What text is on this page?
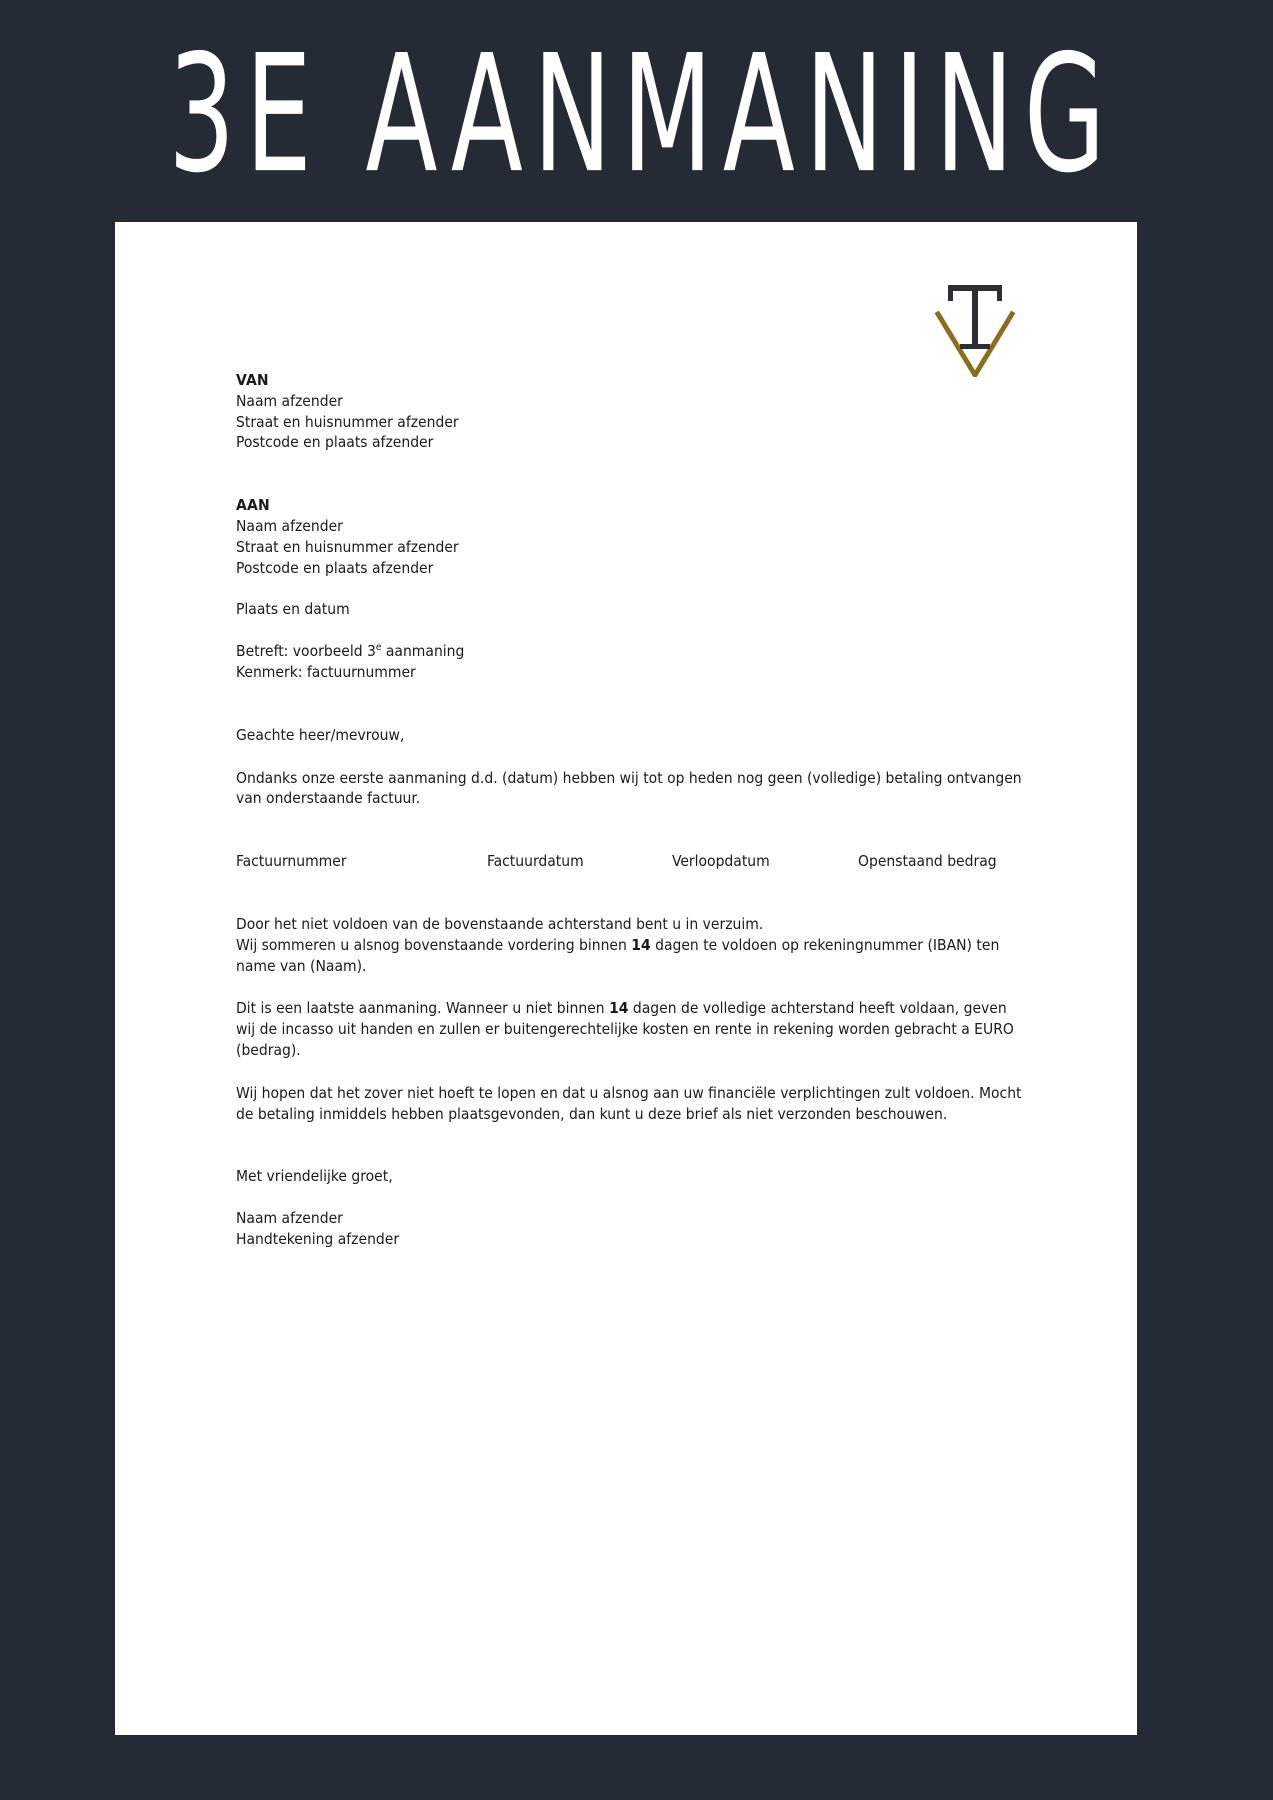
3E AANMANING
VAN
Naam afzender
Straat en huisnummer afzender
Postcode en plaats afzender
AAN
Naam afzender
Straat en huisnummer afzender
Postcode en plaats afzender
Plaats en datum
Betreft: voorbeeld 3e aanmaning
Kenmerk: factuurnummer
Geachte heer/mevrouw,

Ondanks onze eerste aanmaning d.d. (datum) hebben wij tot op heden nog geen (volledige) betaling ontvangen van onderstaande factuur.

Factuurnummer	Factuurdatum	Verloopdatum	Openstaand bedrag
Door het niet voldoen van de bovenstaande achterstand bent u in verzuim.
Wij sommeren u alsnog bovenstaande vordering binnen 14 dagen te voldoen op rekeningnummer (IBAN) ten name van (Naam).

Dit is een laatste aanmaning. Wanneer u niet binnen 14 dagen de volledige achterstand heeft voldaan, geven wij de incasso uit handen en zullen er buitengerechtelijke kosten en rente in rekening worden gebracht a EURO (bedrag).

Wij hopen dat het zover niet hoeft te lopen en dat u alsnog aan uw financiële verplichtingen zult voldoen. Mocht de betaling inmiddels hebben plaatsgevonden, dan kunt u deze brief als niet verzonden beschouwen.

Met vriendelijke groet,
Naam afzender
Handtekening afzender
